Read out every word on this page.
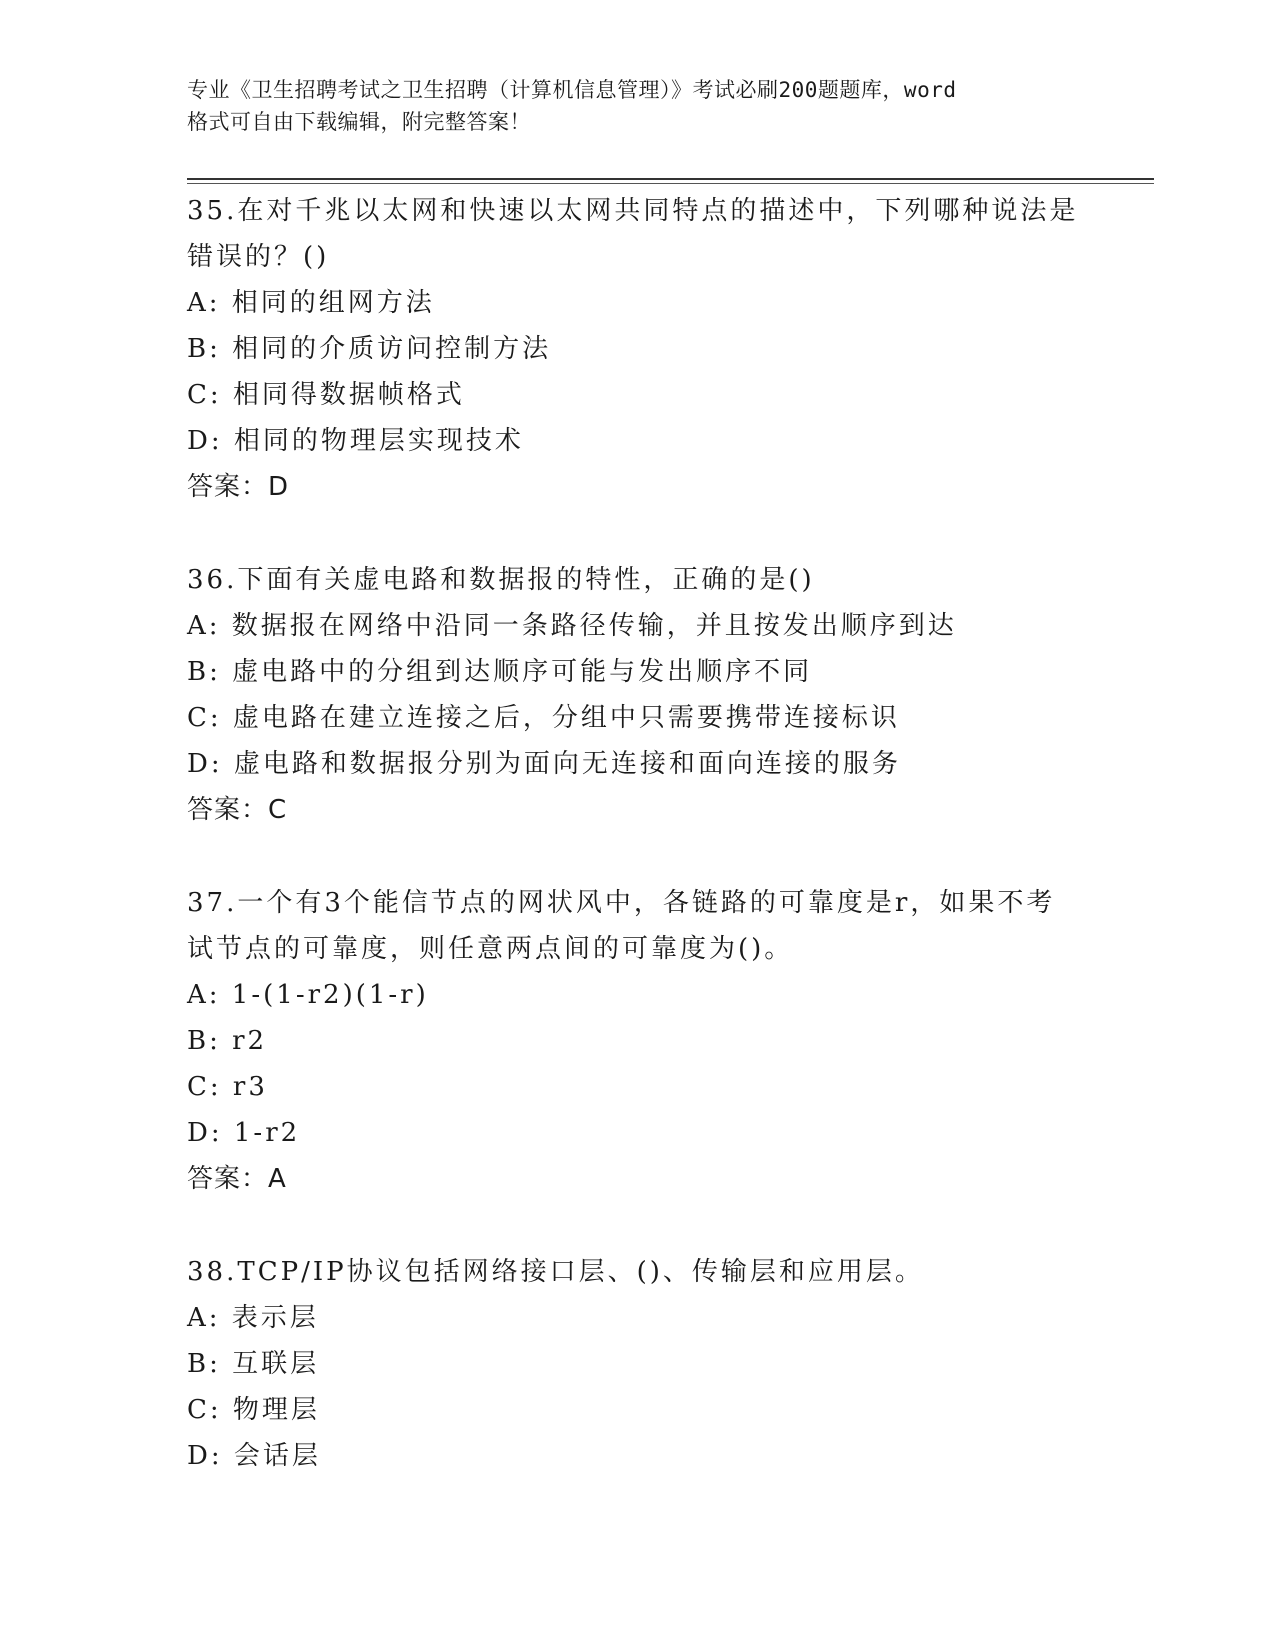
专业《卫生招聘考试之卫生招聘（计算机信息管理）》考试必刷200题题库，word
格式可自由下载编辑，附完整答案！
35.在对千兆以太网和快速以太网共同特点的描述中，下列哪种说法是
错误的？()
A: 相同的组网方法
B: 相同的介质访问控制方法
C: 相同得数据帧格式
D: 相同的物理层实现技术
答案：D
36.下面有关虚电路和数据报的特性，正确的是()
A: 数据报在网络中沿同一条路径传输，并且按发出顺序到达
B: 虚电路中的分组到达顺序可能与发出顺序不同
C: 虚电路在建立连接之后，分组中只需要携带连接标识
D: 虚电路和数据报分别为面向无连接和面向连接的服务
答案：C
37.一个有3个能信节点的网状风中，各链路的可靠度是r，如果不考
试节点的可靠度，则任意两点间的可靠度为()。
A: 1-(1-r2)(1-r)
B: r2
C: r3
D: 1-r2
答案：A
38.TCP/IP协议包括网络接口层、()、传输层和应用层。
A: 表示层
B: 互联层
C: 物理层
D: 会话层
